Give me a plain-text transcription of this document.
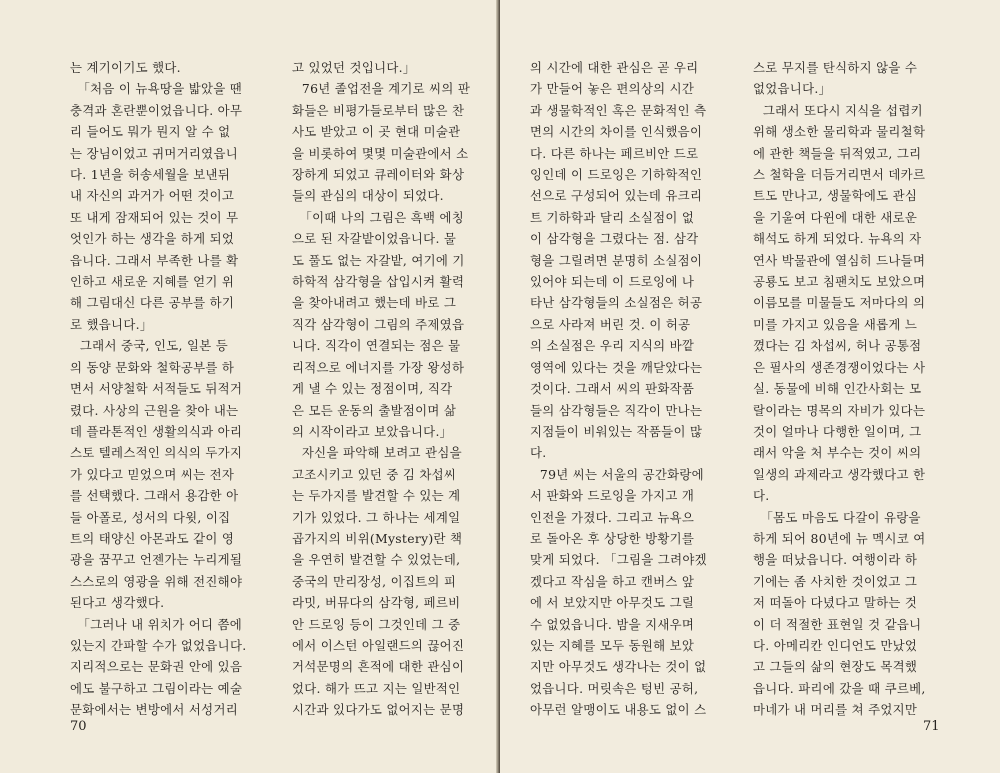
는 계기이기도 했다.

「처음 이 뉴욕땅을 밟았을 땐
충격과 혼란뿐이었읍니다. 아무
리 들어도 뭐가 뭔지 알 수 없
는 장님이었고 귀머거리였읍니
다. 1년을 허송세월을 보낸뒤
내 자신의 과거가 어떤 것이고
또 내게 잠재되어 있는 것이 무
엇인가 하는 생각을 하게 되었
읍니다. 그래서 부족한 나를 확
인하고 새로운 지혜를 얻기 위
해 그림대신 다른 공부를 하기
로 했읍니다.」

그래서 중국, 인도, 일본 등
의 동양 문화와 철학공부를 하
면서 서양철학 서적들도 뒤적거
렸다. 사상의 근원을 찾아 내는
데 플라톤적인 생활의식과 아리
스토 텔레스적인 의식의 두가지
가 있다고 믿었으며 씨는 전자
를 선택했다. 그래서 용감한 아
들 아폴로, 성서의 다윗, 이집
트의 태양신 아몬과도 같이 영
광을 꿈꾸고 언젠가는 누리게될
스스로의 영광을 위해 전진해야
된다고 생각했다.

「그러나 내 위치가 어디 쯤에
있는지 간파할 수가 없었읍니다.
지리적으로는 문화권 안에 있음
에도 불구하고 그림이라는 예술
문화에서는 변방에서 서성거리

고 있었던 것입니다.」

76년 졸업전을 계기로 씨의 판
화들은 비평가들로부터 많은 찬
사도 받았고 이 곳 현대 미술관
을 비롯하여 몇몇 미술관에서 소
장하게 되었고 큐레이터와 화상
들의 관심의 대상이 되었다.

「이때 나의 그림은 흑백 에칭
으로 된 자갈밭이었읍니다. 물
도 풀도 없는 자갈밭, 여기에 기
하학적 삼각형을 삽입시켜 활력
을 찾아내려고 했는데 바로 그
직각 삼각형이 그림의 주제였읍
니다. 직각이 연결되는 점은 물
리적으로 에너지를 가장 왕성하
게 낼 수 있는 정점이며, 직각
은 모든 운동의 출발점이며 삶
의 시작이라고 보았읍니다.」

자신을 파악해 보려고 관심을
고조시키고 있던 중 김 차섭씨
는 두가지를 발견할 수 있는 계
기가 있었다. 그 하나는 세계일
곱가지의 비위(Mystery)란 책
을 우연히 발견할 수 있었는데,
중국의 만리장성, 이집트의 피
라밋, 버뮤다의 삼각형, 페르비
안 드로잉 등이 그것인데 그 중
에서 이스턴 아일랜드의 끊어진
거석문명의 흔적에 대한 관심이
었다. 해가 뜨고 지는 일반적인
시간과 있다가도 없어지는 문명

70

의 시간에 대한 관심은 곧 우리
가 만들어 놓은 편의상의 시간
과 생물학적인 혹은 문화적인 측
면의 시간의 차이를 인식했음이
다. 다른 하나는 페르비안 드로
잉인데 이 드로잉은 기하학적인
선으로 구성되어 있는데 유크리
트 기하학과 달리 소실점이 없
이 삼각형을 그렸다는 점. 삼각
형을 그릴려면 분명히 소실점이
있어야 되는데 이 드로잉에 나
타난 삼각형들의 소실점은 허공
으로 사라져 버린 것. 이 허공
의 소실점은 우리 지식의 바깥
영역에 있다는 것을 깨닫았다는
것이다. 그래서 씨의 판화작품
들의 삼각형들은 직각이 만나는
지점들이 비워있는 작품들이 많
다.

79년 씨는 서울의 공간화랑에
서 판화와 드로잉을 가지고 개
인전을 가졌다. 그리고 뉴욕으
로 돌아온 후 상당한 방황기를
맞게 되었다. 「그림을 그려야겠
겠다고 작심을 하고 캔버스 앞
에 서 보았지만 아무것도 그릴
수 없었읍니다. 밤을 지새우며
있는 지혜를 모두 동원해 보았
지만 아무것도 생각나는 것이 없
었읍니다. 머릿속은 텅빈 공허,
아무런 알맹이도 내용도 없이 스

스로 무지를 탄식하지 않을 수
없었읍니다.」

그래서 또다시 지식을 섭렵키
위해 생소한 물리학과 물리철학
에 관한 책들을 뒤적였고, 그리
스 철학을 더듬거리면서 데카르
트도 만나고, 생물학에도 관심
을 기울여 다윈에 대한 새로운
해석도 하게 되었다. 뉴욕의 자
연사 박물관에 열심히 드나들며
공룡도 보고 침팬치도 보았으며
이름모를 미물들도 저마다의 의
미를 가지고 있음을 새롭게 느
꼈다는 김 차섭씨, 허나 공통점
은 필사의 생존경쟁이었다는 사
실. 동물에 비해 인간사회는 모
랄이라는 명목의 자비가 있다는
것이 얼마나 다행한 일이며, 그
래서 악을 처 부수는 것이 씨의
일생의 과제라고 생각했다고 한
다.

「몸도 마음도 다갈이 유랑을
하게 되어 80년에 뉴 멕시코 여
행을 떠났읍니다. 여행이라 하
기에는 좀 사치한 것이었고 그
저 떠돌아 다녔다고 말하는 것
이 더 적절한 표현일 것 같읍니
다. 아메리칸 인디언도 만났었
고 그들의 삶의 현장도 목격했
읍니다. 파리에 갔을 때 쿠르베,
마네가 내 머리를 쳐 주었지만

71
